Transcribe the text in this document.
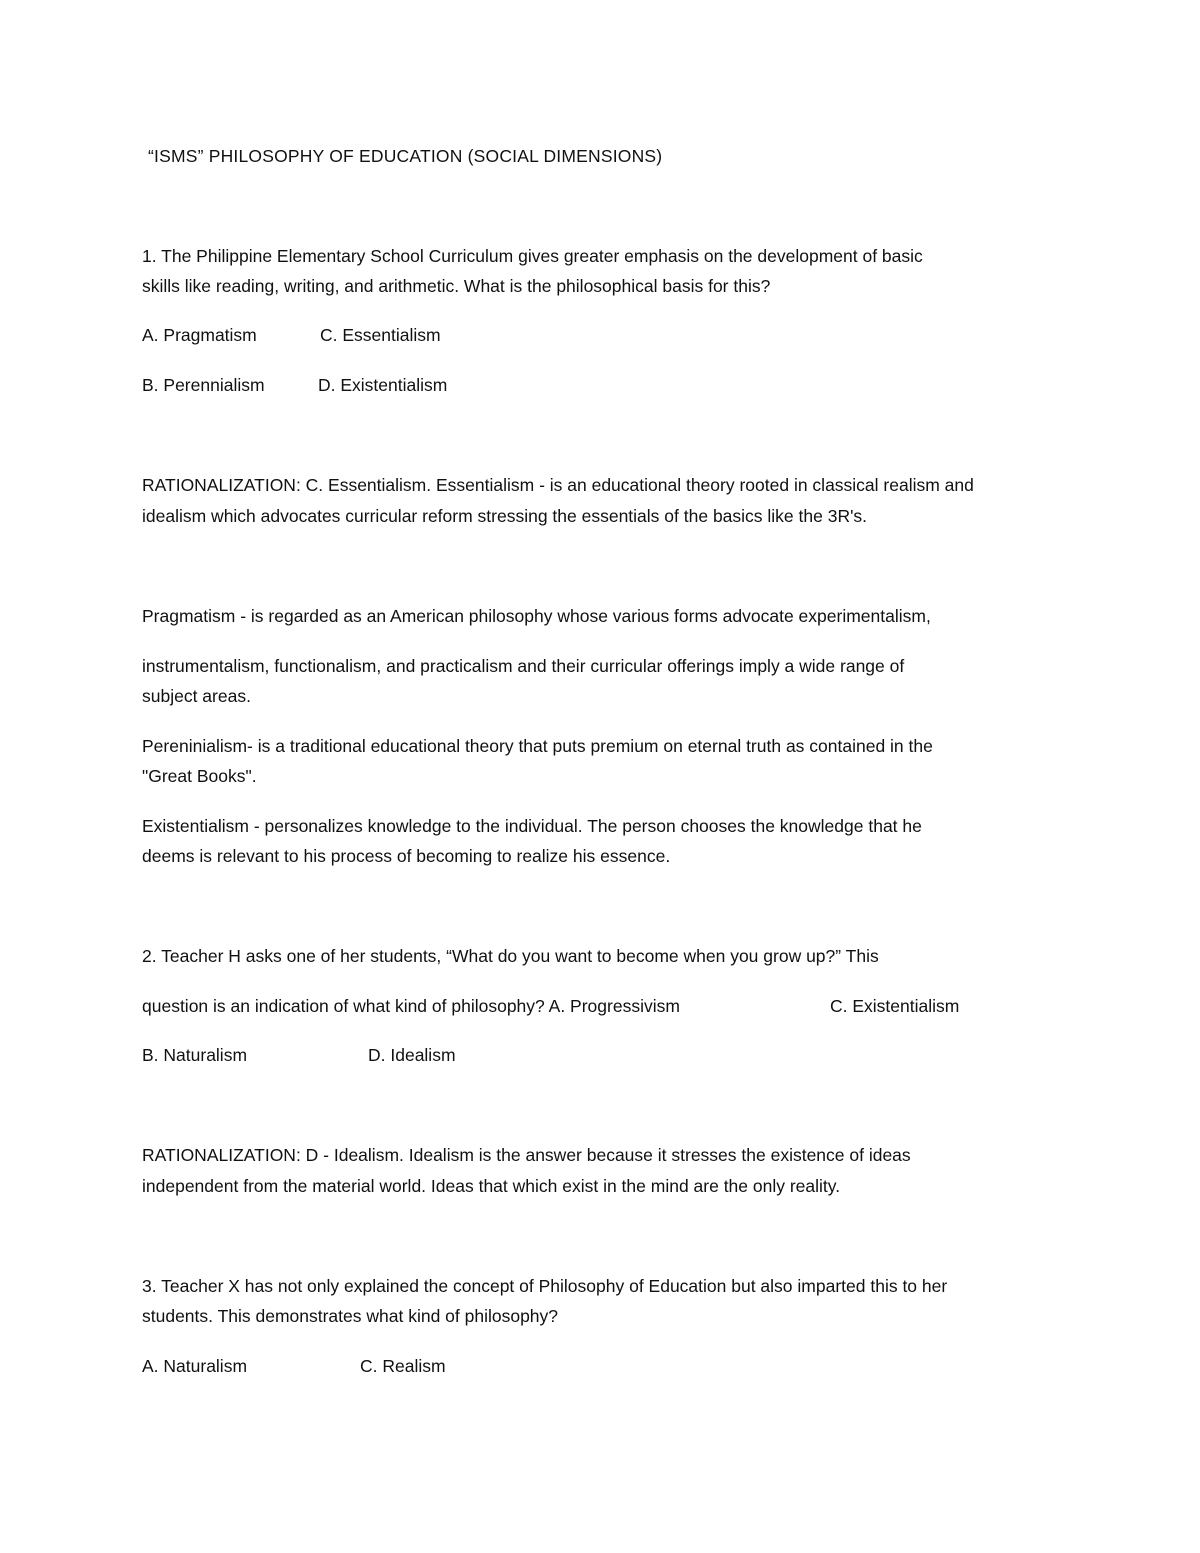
“ISMS” PHILOSOPHY OF EDUCATION (SOCIAL DIMENSIONS)
1. The Philippine Elementary School Curriculum gives greater emphasis on the development of basic
skills like reading, writing, and arithmetic. What is the philosophical basis for this?
A. Pragmatism	C. Essentialism
B. Perennialism	D. Existentialism
RATIONALIZATION: C. Essentialism. Essentialism - is an educational theory rooted in classical realism and
idealism which advocates curricular reform stressing the essentials of the basics like the 3R's.
Pragmatism - is regarded as an American philosophy whose various forms advocate experimentalism,
instrumentalism, functionalism, and practicalism and their curricular offerings imply a wide range of
subject areas.
Pereninialism- is a traditional educational theory that puts premium on eternal truth as contained in the
"Great Books".
Existentialism - personalizes knowledge to the individual. The person chooses the knowledge that he
deems is relevant to his process of becoming to realize his essence.
2. Teacher H asks one of her students, “What do you want to become when you grow up?” This
question is an indication of what kind of philosophy? A. Progressivism	C. Existentialism
B. Naturalism	D. Idealism
RATIONALIZATION: D - Idealism. Idealism is the answer because it stresses the existence of ideas
independent from the material world. Ideas that which exist in the mind are the only reality.
3. Teacher X has not only explained the concept of Philosophy of Education but also imparted this to her
students. This demonstrates what kind of philosophy?
A. Naturalism	C. Realism
